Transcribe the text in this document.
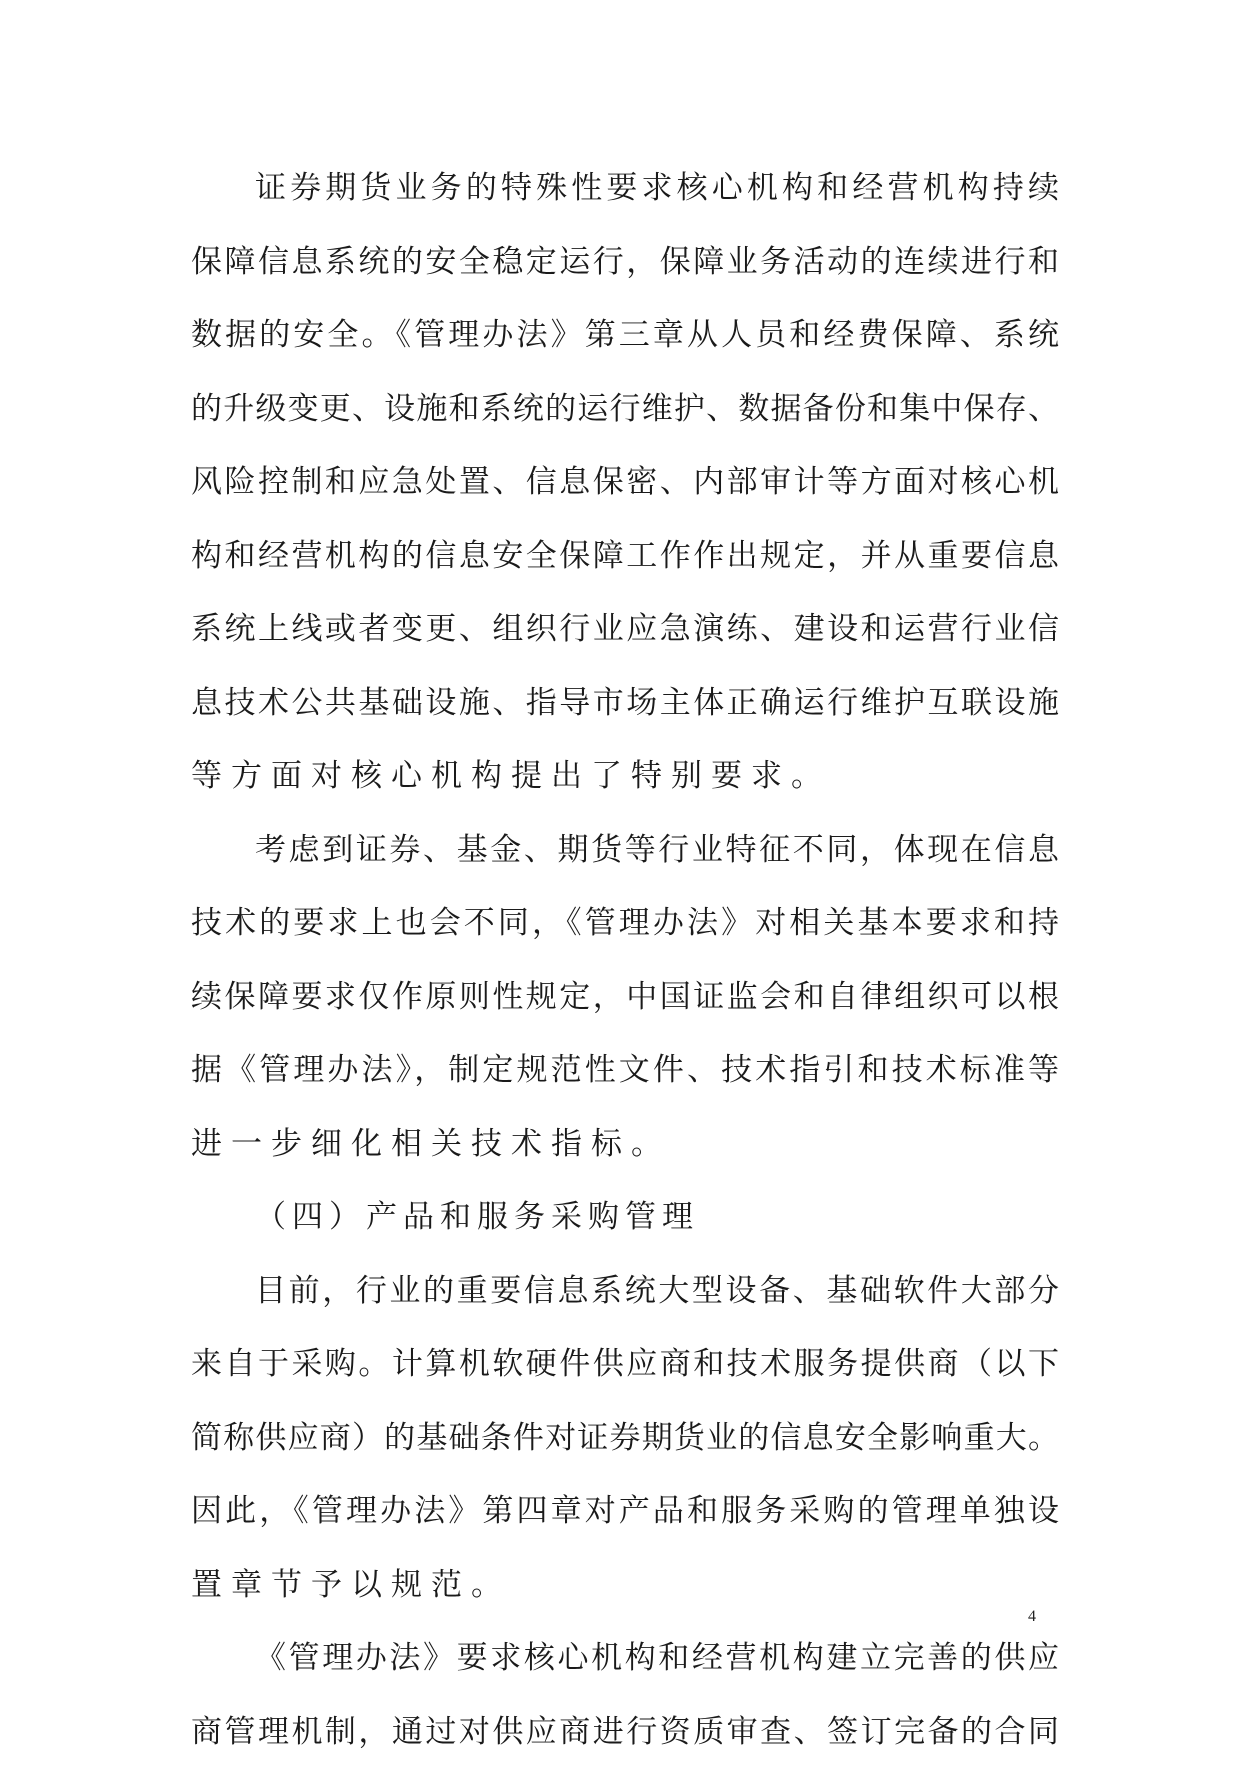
证券期货业务的特殊性要求核心机构和经营机构持续
保障信息系统的安全稳定运行，保障业务活动的连续进行和
数据的安全。《管理办法》第三章从人员和经费保障、系统
的升级变更、设施和系统的运行维护、数据备份和集中保存、
风险控制和应急处置、信息保密、内部审计等方面对核心机
构和经营机构的信息安全保障工作作出规定，并从重要信息
系统上线或者变更、组织行业应急演练、建设和运营行业信
息技术公共基础设施、指导市场主体正确运行维护互联设施
等方面对核心机构提出了特别要求。
考虑到证券、基金、期货等行业特征不同，体现在信息
技术的要求上也会不同，《管理办法》对相关基本要求和持
续保障要求仅作原则性规定，中国证监会和自律组织可以根
据《管理办法》，制定规范性文件、技术指引和技术标准等
进一步细化相关技术指标。
（四）产品和服务采购管理
目前，行业的重要信息系统大型设备、基础软件大部分
来自于采购。计算机软硬件供应商和技术服务提供商（以下
简称供应商）的基础条件对证券期货业的信息安全影响重大。
因此，《管理办法》第四章对产品和服务采购的管理单独设
置章节予以规范。
《管理办法》要求核心机构和经营机构建立完善的供应
商管理机制，通过对供应商进行资质审查、签订完备的合同
4
